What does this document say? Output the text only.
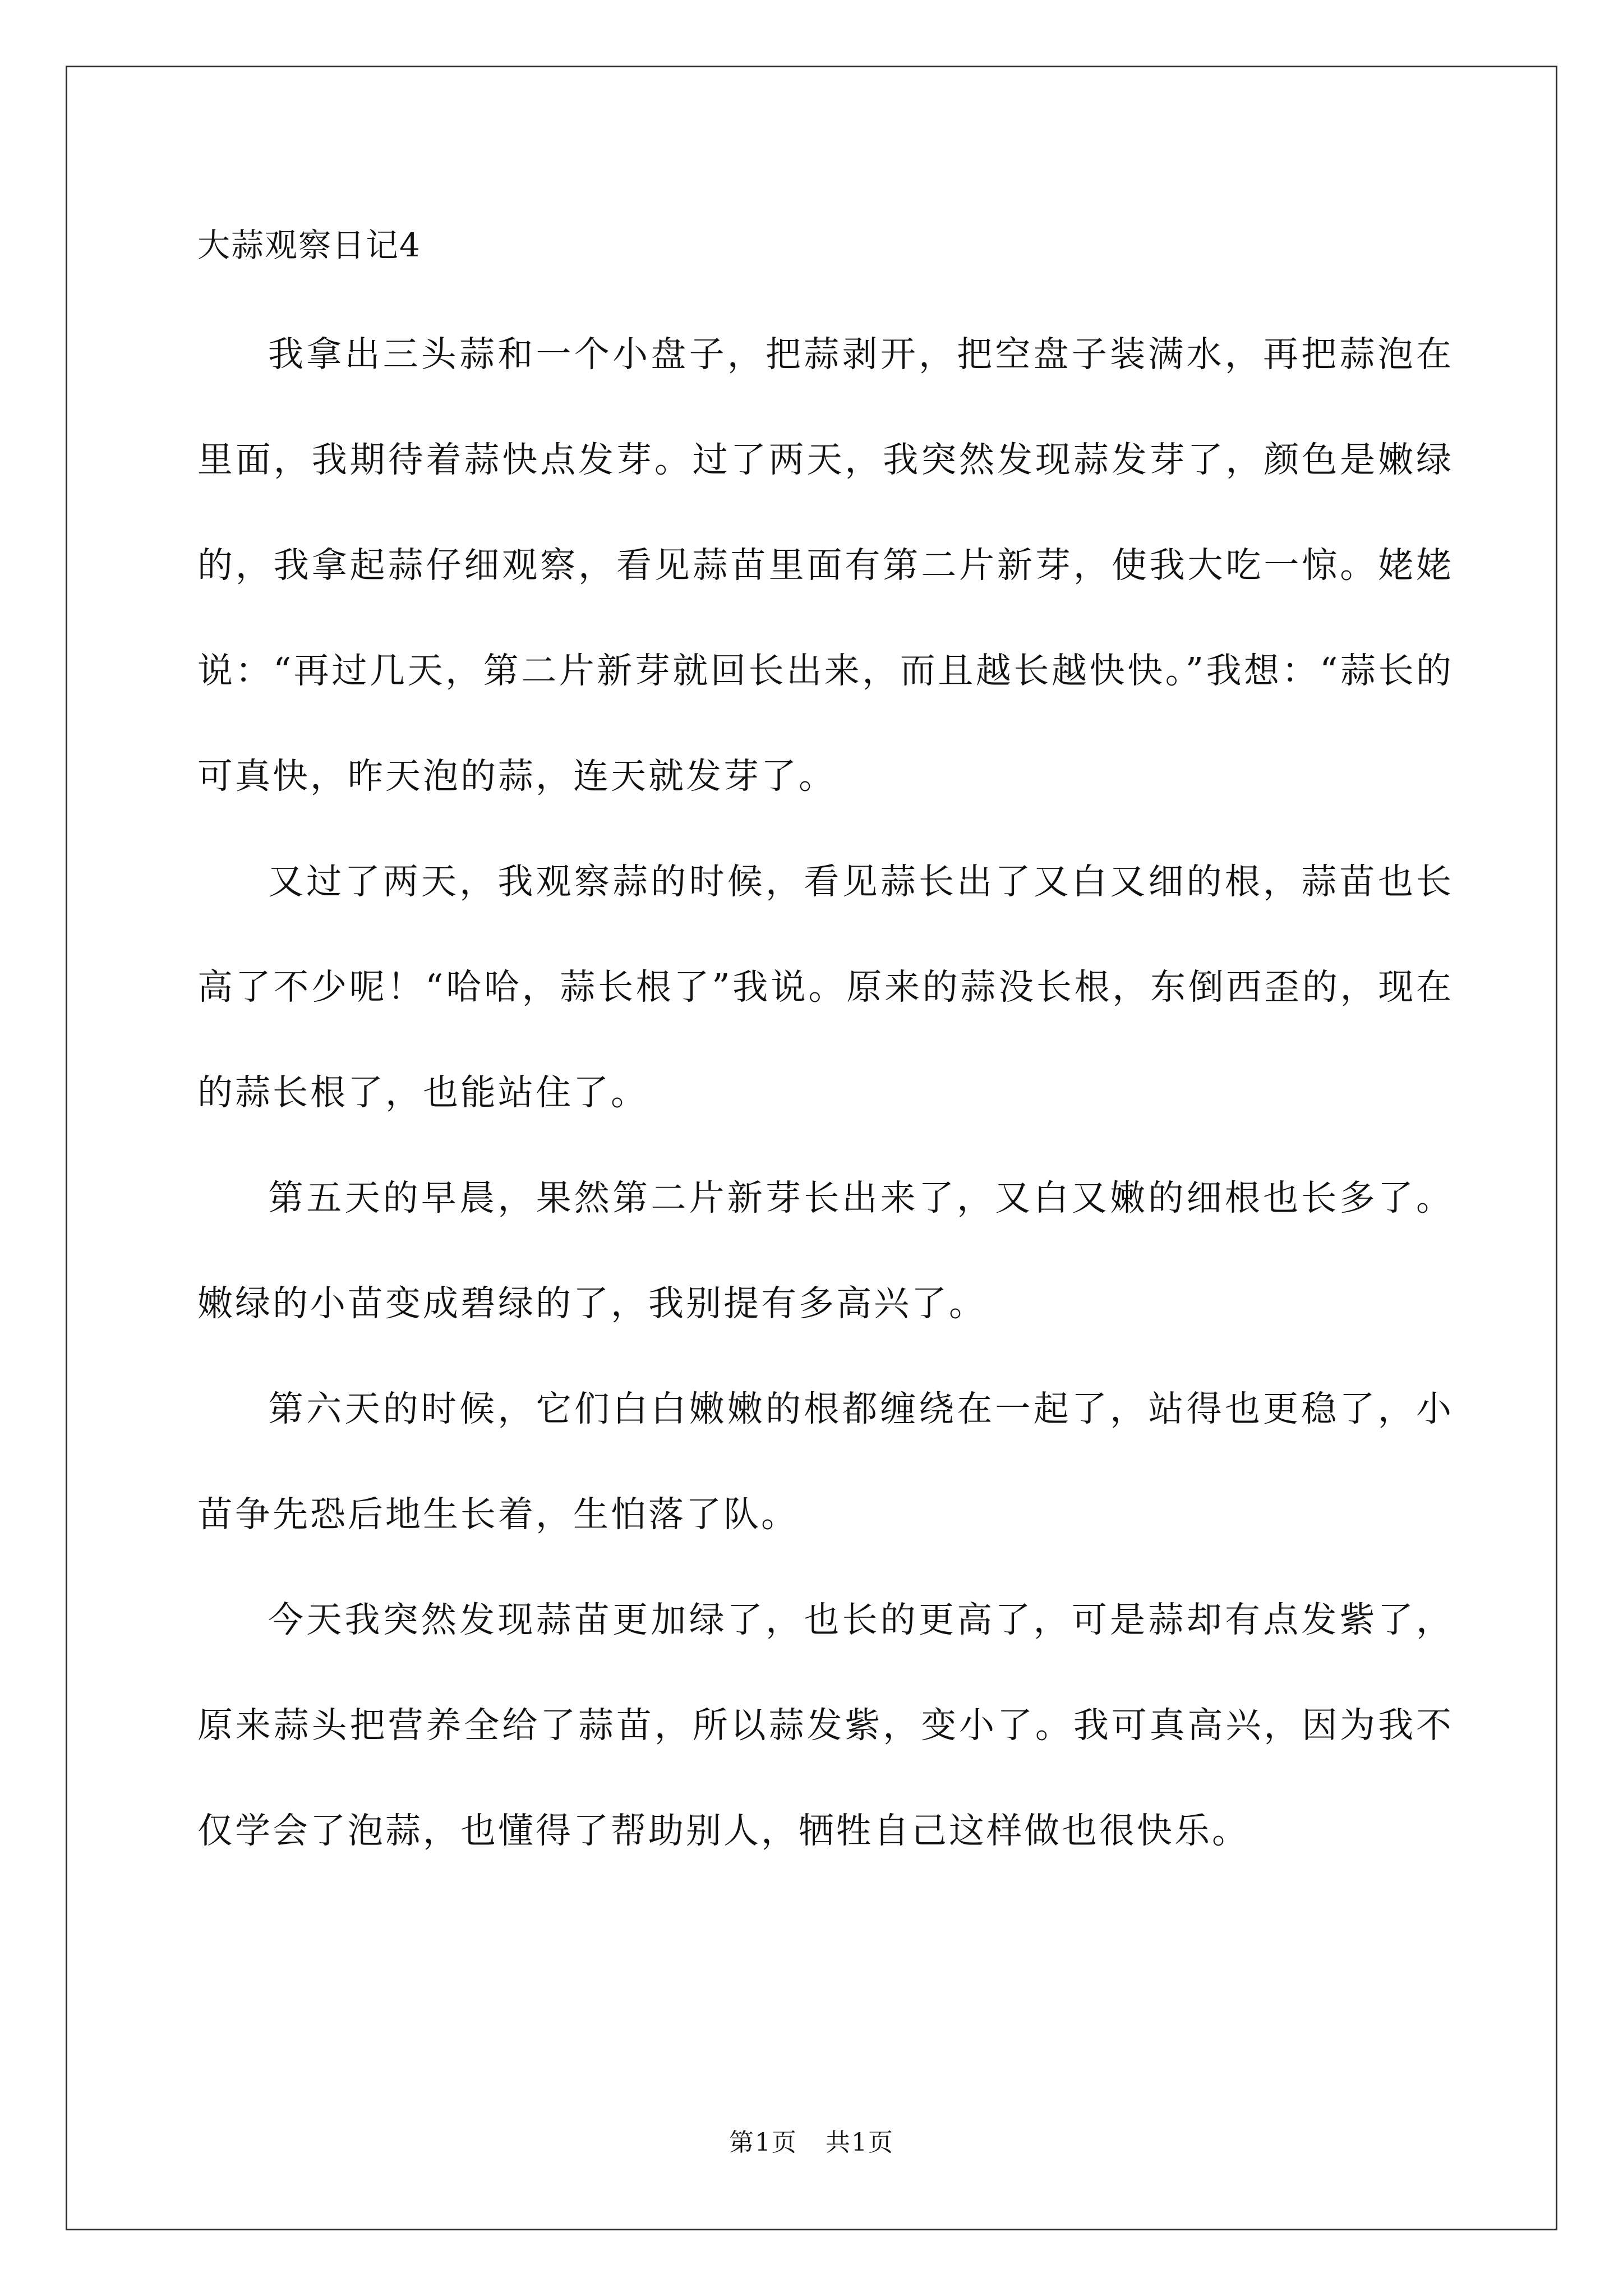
大蒜观察日记4

我拿出三头蒜和一个小盘子，把蒜剥开，把空盘子装满水，再把蒜泡在里面，我期待着蒜快点发芽。过了两天，我突然发现蒜发芽了，颜色是嫩绿的，我拿起蒜仔细观察，看见蒜苗里面有第二片新芽，使我大吃一惊。姥姥说：“再过几天，第二片新芽就回长出来，而且越长越快快。”我想：“蒜长的可真快，昨天泡的蒜，连天就发芽了。

又过了两天，我观察蒜的时候，看见蒜长出了又白又细的根，蒜苗也长高了不少呢！“哈哈，蒜长根了”我说。原来的蒜没长根，东倒西歪的，现在的蒜长根了，也能站住了。

第五天的早晨，果然第二片新芽长出来了，又白又嫩的细根也长多了。嫩绿的小苗变成碧绿的了，我别提有多高兴了。

第六天的时候，它们白白嫩嫩的根都缠绕在一起了，站得也更稳了，小苗争先恐后地生长着，生怕落了队。

今天我突然发现蒜苗更加绿了，也长的更高了，可是蒜却有点发紫了，原来蒜头把营养全给了蒜苗，所以蒜发紫，变小了。我可真高兴，因为我不仅学会了泡蒜，也懂得了帮助别人，牺牲自己这样做也很快乐。

第1页 共1页
